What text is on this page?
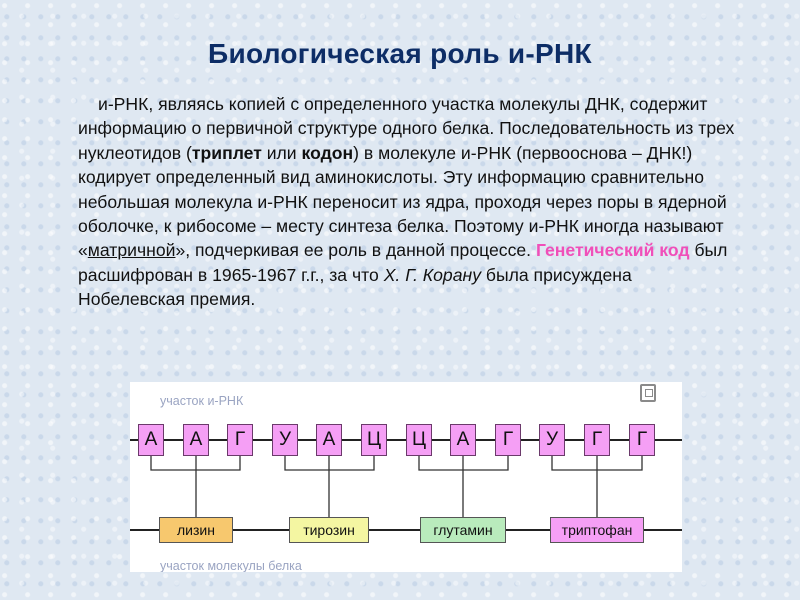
Биологическая роль и-РНК
и-РНК, являясь копией с определенного участка молекулы ДНК, содержит информацию о первичной структуре одного белка. Последовательность из трех нуклеотидов (триплет или кодон) в молекуле и-РНК (первооснова – ДНК!) кодирует определенный вид аминокислоты. Эту информацию сравнительно небольшая молекула и-РНК переносит из ядра, проходя через поры в ядерной оболочке, к рибосоме – месту синтеза белка. Поэтому и-РНК иногда называют «матричной», подчеркивая ее роль в данной процессе. Генетический код был расшифрован в 1965-1967 г.г., за что Х. Г. Корану была присуждена Нобелевская премия.
участок и-РНК
А	А	Г	У	А	Ц	Ц	А	Г	У	Г	Г
лизин	тирозин	глутамин	триптофан
участок молекулы белка
